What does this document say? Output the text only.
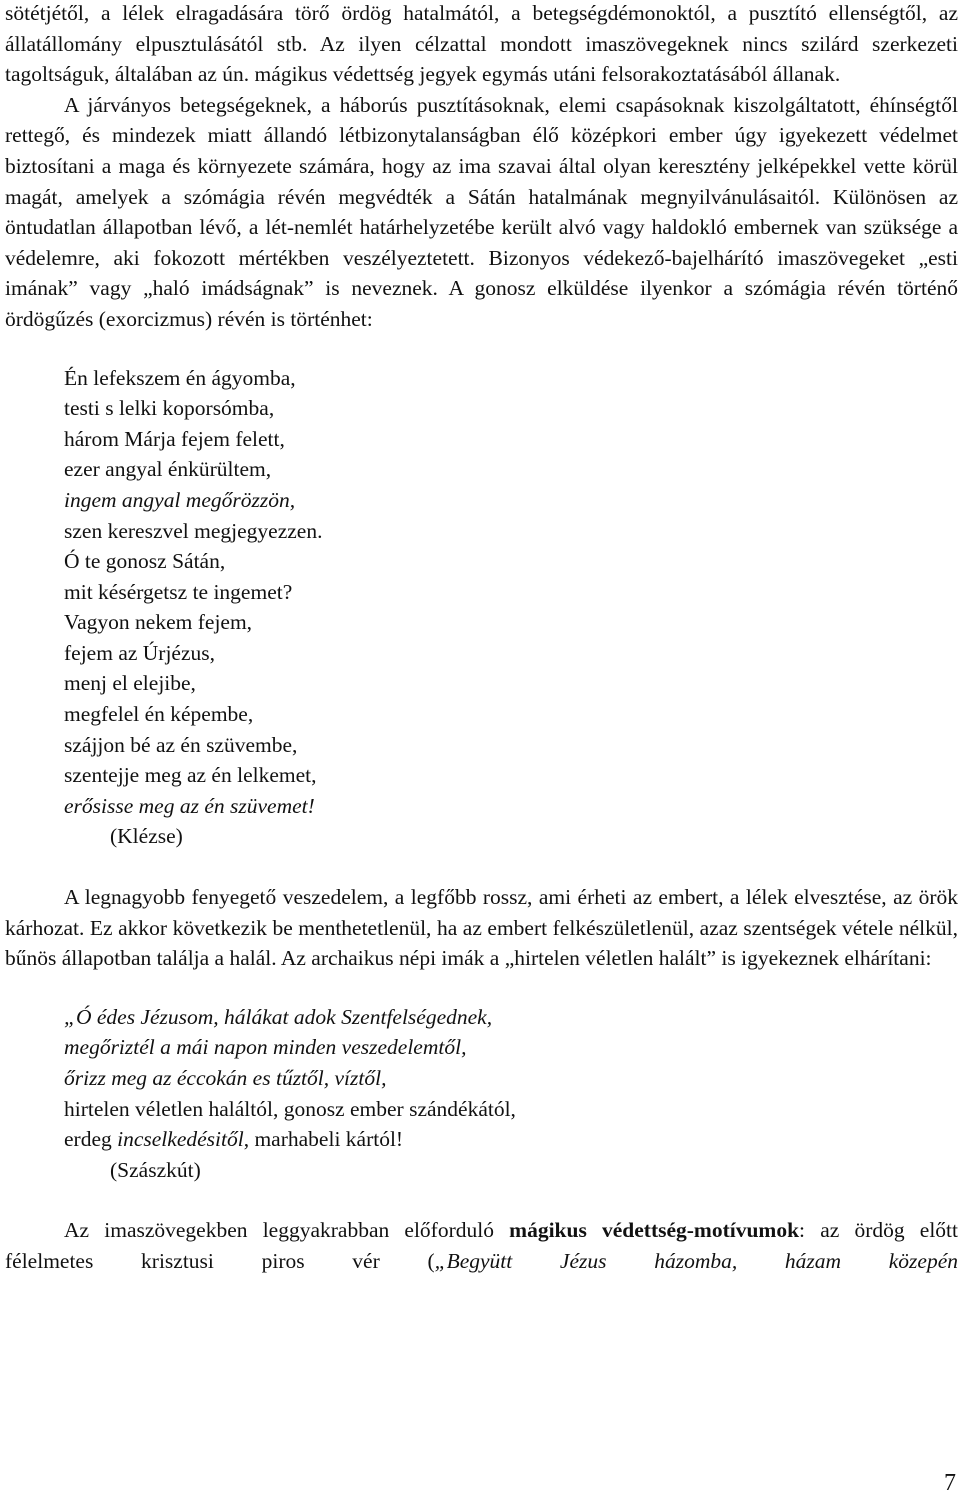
sötétjétől, a lélek elragadására törő ördög hatalmától, a betegségdémonoktól, a pusztító ellenségtől, az állatállomány elpusztulásától stb. Az ilyen célzattal mondott imaszövegeknek nincs szilárd szerkezeti tagoltságuk, általában az ún. mágikus védettség jegyek egymás utáni felsorakoztatásából állanak.

A járványos betegségeknek, a háborús pusztításoknak, elemi csapásoknak kiszolgáltatott, éhínségtől rettegő, és mindezek miatt állandó létbizonytalanságban élő középkori ember úgy igyekezett védelmet biztosítani a maga és környezete számára, hogy az ima szavai által olyan keresztény jelképekkel vette körül magát, amelyek a szómágia révén megvédték a Sátán hatalmának megnyilvánulásaitól. Különösen az öntudatlan állapotban lévő, a lét-nemlét határhelyzetébe került alvó vagy haldokló embernek van szüksége a védelemre, aki fokozott mértékben veszélyeztetett. Bizonyos védekező-bajelhárító imaszövegeket „esti imának” vagy „haló imádságnak” is neveznek. A gonosz elküldése ilyenkor a szómágia révén történő ördögűzés (exorcizmus) révén is történhet:

Én lefekszem én ágyomba,
testi s lelki koporsómba,
három Márja fejem felett,
ezer angyal énkürültem,
ingem angyal megőrözzön,
szen kereszvel megjegyezzen.
Ó te gonosz Sátán,
mit késérgetsz te ingemet?
Vagyon nekem fejem,
fejem az Úrjézus,
menj el elejibe,
megfelel én képembe,
szájjon bé az én szüvembe,
szentejje meg az én lelkemet,
erősisse meg az én szüvemet!
(Klézse)

A legnagyobb fenyegető veszedelem, a legfőbb rossz, ami érheti az embert, a lélek elvesztése, az örök kárhozat. Ez akkor következik be menthetetlenül, ha az embert felkészületlenül, azaz szentségek vétele nélkül, bűnös állapotban találja a halál. Az archaikus népi imák a „hirtelen véletlen halált” is igyekeznek elhárítani:

„Ó édes Jézusom, hálákat adok Szentfelségednek,
megőriztél a mái napon minden veszedelemtől,
őrizz meg az éccokán es tűztől, víztől,
hirtelen véletlen haláltól, gonosz ember szándékától,
erdeg incselkedésitől, marhabeli kártól!
(Szászkút)

Az imaszövegekben leggyakrabban előforduló mágikus védettség-motívumok: az ördög előtt félelmetes krisztusi piros vér („Begyütt Jézus házomba, házam közepén

7
